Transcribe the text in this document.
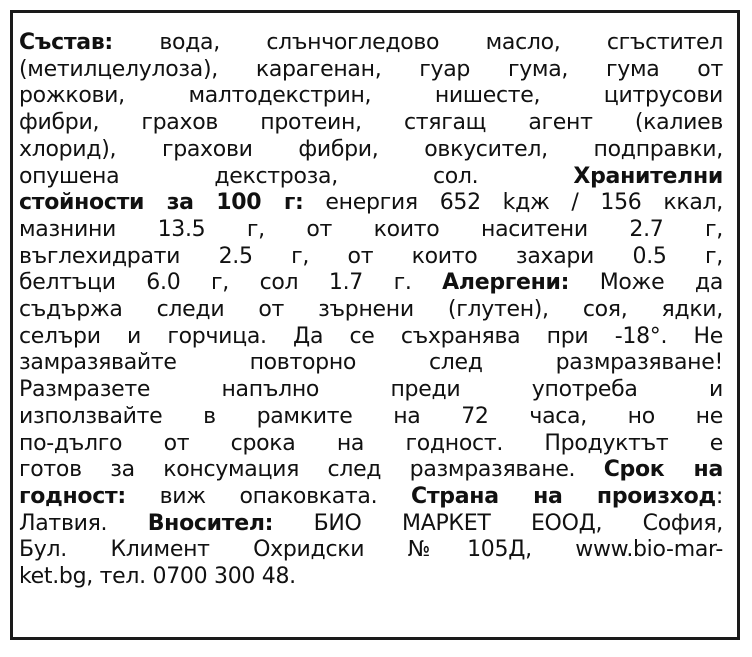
Състав: вода, слънчогледово масло, сгъстител
(метилцелулоза), карагенан, гуар гума, гума от
рожкови, малтодекстрин, нишесте, цитрусови
фибри, грахов протеин, стягащ агент (калиев
хлорид), грахови фибри, овкусител, подправки,
опушена декстроза, сол. Хранителни
стойности за 100 г: енергия 652 kдж / 156 ккал,
мазнини 13.5 г, от които наситени 2.7 г,
въглехидрати 2.5 г, от които захари 0.5 г,
белтъци 6.0 г, сол 1.7 г. Алергени: Може да
съдържа следи от зърнени (глутен), соя, ядки,
селъри и горчица. Да се съхранява при -18°. Не
замразявайте повторно след размразяване!
Размразете напълно преди употреба и
използвайте в рамките на 72 часа, но не
по-дълго от срока на годност. Продуктът е
готов за консумация след размразяване. Срок на
годност: виж опаковката. Страна на произход:
Латвия. Вносител: БИО МАРКЕТ ЕООД, София,
Бул. Климент Охридски №105Д, www.bio-mar-
ket.bg, тел. 0700 300 48.
